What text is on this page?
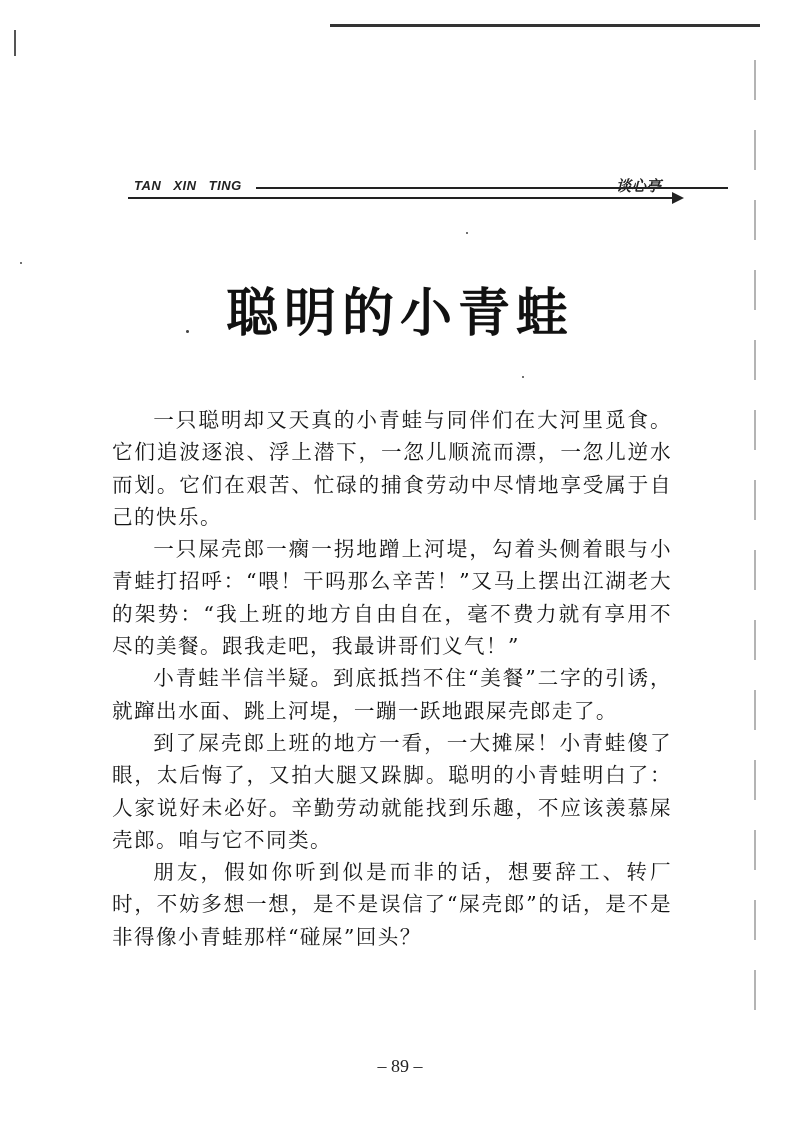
TAN XIN TING	谈心亭
聪明的小青蛙

一只聪明却又天真的小青蛙与同伴们在大河里觅食。它们追波逐浪、浮上潜下，一忽儿顺流而漂，一忽儿逆水而划。它们在艰苦、忙碌的捕食劳动中尽情地享受属于自己的快乐。

一只屎壳郎一瘸一拐地蹭上河堤，勾着头侧着眼与小青蛙打招呼：“喂！干吗那么辛苦！”又马上摆出江湖老大的架势：“我上班的地方自由自在，毫不费力就有享用不尽的美餐。跟我走吧，我最讲哥们义气！”

小青蛙半信半疑。到底抵挡不住“美餐”二字的引诱，就蹿出水面、跳上河堤，一蹦一跃地跟屎壳郎走了。

到了屎壳郎上班的地方一看，一大摊屎！小青蛙傻了眼，太后悔了，又拍大腿又跺脚。聪明的小青蛙明白了：人家说好未必好。辛勤劳动就能找到乐趣，不应该羡慕屎壳郎。咱与它不同类。

朋友，假如你听到似是而非的话，想要辞工、转厂时，不妨多想一想，是不是误信了“屎壳郎”的话，是不是非得像小青蛙那样“碰屎”回头？

– 89 –
